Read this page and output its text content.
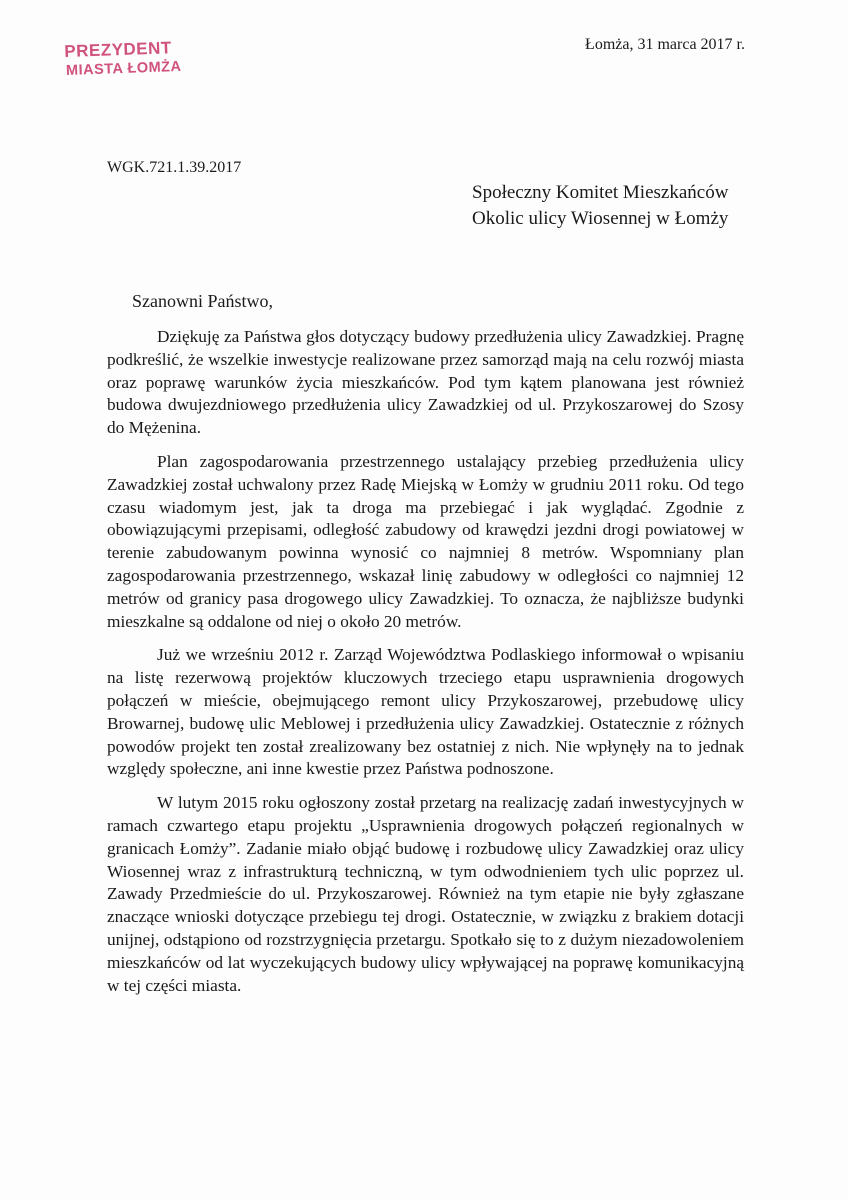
PREZYDENT
MIASTA ŁOMŻA
Łomża, 31 marca 2017 r.
WGK.721.1.39.2017
Społeczny Komitet Mieszkańców
Okolic ulicy Wiosennej w Łomży
Szanowni Państwo,

Dziękuję za Państwa głos dotyczący budowy przedłużenia ulicy Zawadzkiej. Pragnę podkreślić, że wszelkie inwestycje realizowane przez samorząd mają na celu rozwój miasta oraz poprawę warunków życia mieszkańców. Pod tym kątem planowana jest również budowa dwujezdniowego przedłużenia ulicy Zawadzkiej od ul. Przykoszarowej do Szosy do Mężenina.

Plan zagospodarowania przestrzennego ustalający przebieg przedłużenia ulicy Zawadzkiej został uchwalony przez Radę Miejską w Łomży w grudniu 2011 roku. Od tego czasu wiadomym jest, jak ta droga ma przebiegać i jak wyglądać. Zgodnie z obowiązującymi przepisami, odległość zabudowy od krawędzi jezdni drogi powiatowej w terenie zabudowanym powinna wynosić co najmniej 8 metrów. Wspomniany plan zagospodarowania przestrzennego, wskazał linię zabudowy w odległości co najmniej 12 metrów od granicy pasa drogowego ulicy Zawadzkiej. To oznacza, że najbliższe budynki mieszkalne są oddalone od niej o około 20 metrów.

Już we wrześniu 2012 r. Zarząd Województwa Podlaskiego informował o wpisaniu na listę rezerwową projektów kluczowych trzeciego etapu usprawnienia drogowych połączeń w mieście, obejmującego remont ulicy Przykoszarowej, przebudowę ulicy Browarnej, budowę ulic Meblowej i przedłużenia ulicy Zawadzkiej. Ostatecznie z różnych powodów projekt ten został zrealizowany bez ostatniej z nich. Nie wpłynęły na to jednak względy społeczne, ani inne kwestie przez Państwa podnoszone.

W lutym 2015 roku ogłoszony został przetarg na realizację zadań inwestycyjnych w ramach czwartego etapu projektu „Usprawnienia drogowych połączeń regionalnych w granicach Łomży”. Zadanie miało objąć budowę i rozbudowę ulicy Zawadzkiej oraz ulicy Wiosennej wraz z infrastrukturą techniczną, w tym odwodnieniem tych ulic poprzez ul. Zawady Przedmieście do ul. Przykoszarowej. Również na tym etapie nie były zgłaszane znaczące wnioski dotyczące przebiegu tej drogi. Ostatecznie, w związku z brakiem dotacji unijnej, odstąpiono od rozstrzygnięcia przetargu. Spotkało się to z dużym niezadowoleniem mieszkańców od lat wyczekujących budowy ulicy wpływającej na poprawę komunikacyjną w tej części miasta.
